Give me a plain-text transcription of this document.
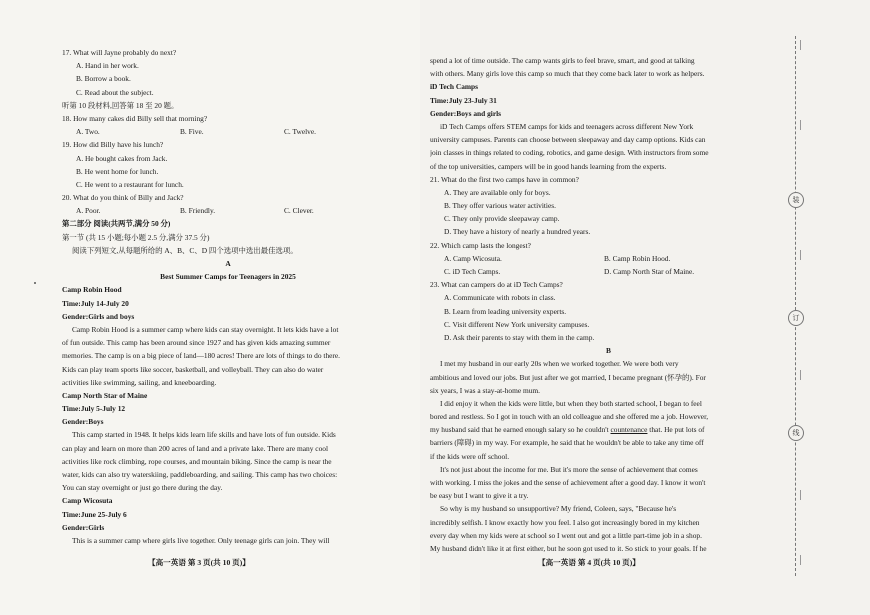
17. What will Jayne probably do next?
A. Hand in her work.
B. Borrow a book.
C. Read about the subject.
听第 10 段材料,回答第 18 至 20 题。
18. How many cakes did Billy sell that morning?
A. Two.	B. Five.	C. Twelve.
19. How did Billy have his lunch?
A. He bought cakes from Jack.
B. He went home for lunch.
C. He went to a restaurant for lunch.
20. What do you think of Billy and Jack?
A. Poor.	B. Friendly.	C. Clever.
第二部分 阅读(共两节,满分 50 分)
第一节 (共 15 小题;每小题 2.5 分,满分 37.5 分)
阅读下列短文,从每题所给的 A、B、C、D 四个选项中选出最佳选项。
A
Best Summer Camps for Teenagers in 2025
Camp Robin Hood
Time:July 14-July 20
Gender:Girls and boys
Camp Robin Hood is a summer camp where kids can stay overnight. It lets kids have a lot
of fun outside. This camp has been around since 1927 and has given kids amazing summer
memories. The camp is on a big piece of land—180 acres! There are lots of things to do there.
Kids can play team sports like soccer, basketball, and volleyball. They can also do water
activities like swimming, sailing, and kneeboarding.
Camp North Star of Maine
Time:July 5-July 12
Gender:Boys
This camp started in 1948. It helps kids learn life skills and have lots of fun outside. Kids
can play and learn on more than 200 acres of land and a private lake. There are many cool
activities like rock climbing, rope courses, and mountain biking. Since the camp is near the
water, kids can also try waterskiing, paddleboarding, and sailing. This camp has two choices:
You can stay overnight or just go there during the day.
Camp Wicosuta
Time:June 25-July 6
Gender:Girls
This is a summer camp where girls live together. Only teenage girls can join. They will
【高一英语 第 3 页(共 10 页)】
spend a lot of time outside. The camp wants girls to feel brave, smart, and good at talking
with others. Many girls love this camp so much that they come back later to work as helpers.
iD Tech Camps
Time:July 23-July 31
Gender:Boys and girls
iD Tech Camps offers STEM camps for kids and teenagers across different New York
university campuses. Parents can choose between sleepaway and day camp options. Kids can
join classes in things related to coding, robotics, and game design. With instructors from some
of the top universities, campers will be in good hands learning from the experts.
21. What do the first two camps have in common?
A. They are available only for boys.
B. They offer various water activities.
C. They only provide sleepaway camp.
D. They have a history of nearly a hundred years.
22. Which camp lasts the longest?
A. Camp Wicosuta.	B. Camp Robin Hood.
C. iD Tech Camps.	D. Camp North Star of Maine.
23. What can campers do at iD Tech Camps?
A. Communicate with robots in class.
B. Learn from leading university experts.
C. Visit different New York university campuses.
D. Ask their parents to stay with them in the camp.
B
I met my husband in our early 20s when we worked together. We were both very
ambitious and loved our jobs. But just after we got married, I became pregnant (怀孕的). For
six years, I was a stay-at-home mum.
I did enjoy it when the kids were little, but when they both started school, I began to feel
bored and restless. So I got in touch with an old colleague and she offered me a job. However,
my husband said that he earned enough salary so he couldn't countenance that. He put lots of
barriers (障碍) in my way. For example, he said that he wouldn't be able to take any time off
if the kids were off school.
It's not just about the income for me. But it's more the sense of achievement that comes
with working. I miss the jokes and the sense of achievement after a good day. I know it won't
be easy but I want to give it a try.
So why is my husband so unsupportive? My friend, Coleen, says, "Because he's
incredibly selfish. I know exactly how you feel. I also got increasingly bored in my kitchen
every day when my kids were at school so I went out and got a little part-time job in a shop.
My husband didn't like it at first either, but he soon got used to it. So stick to your goals. If he
【高一英语 第 4 页(共 10 页)】
装
订
线
